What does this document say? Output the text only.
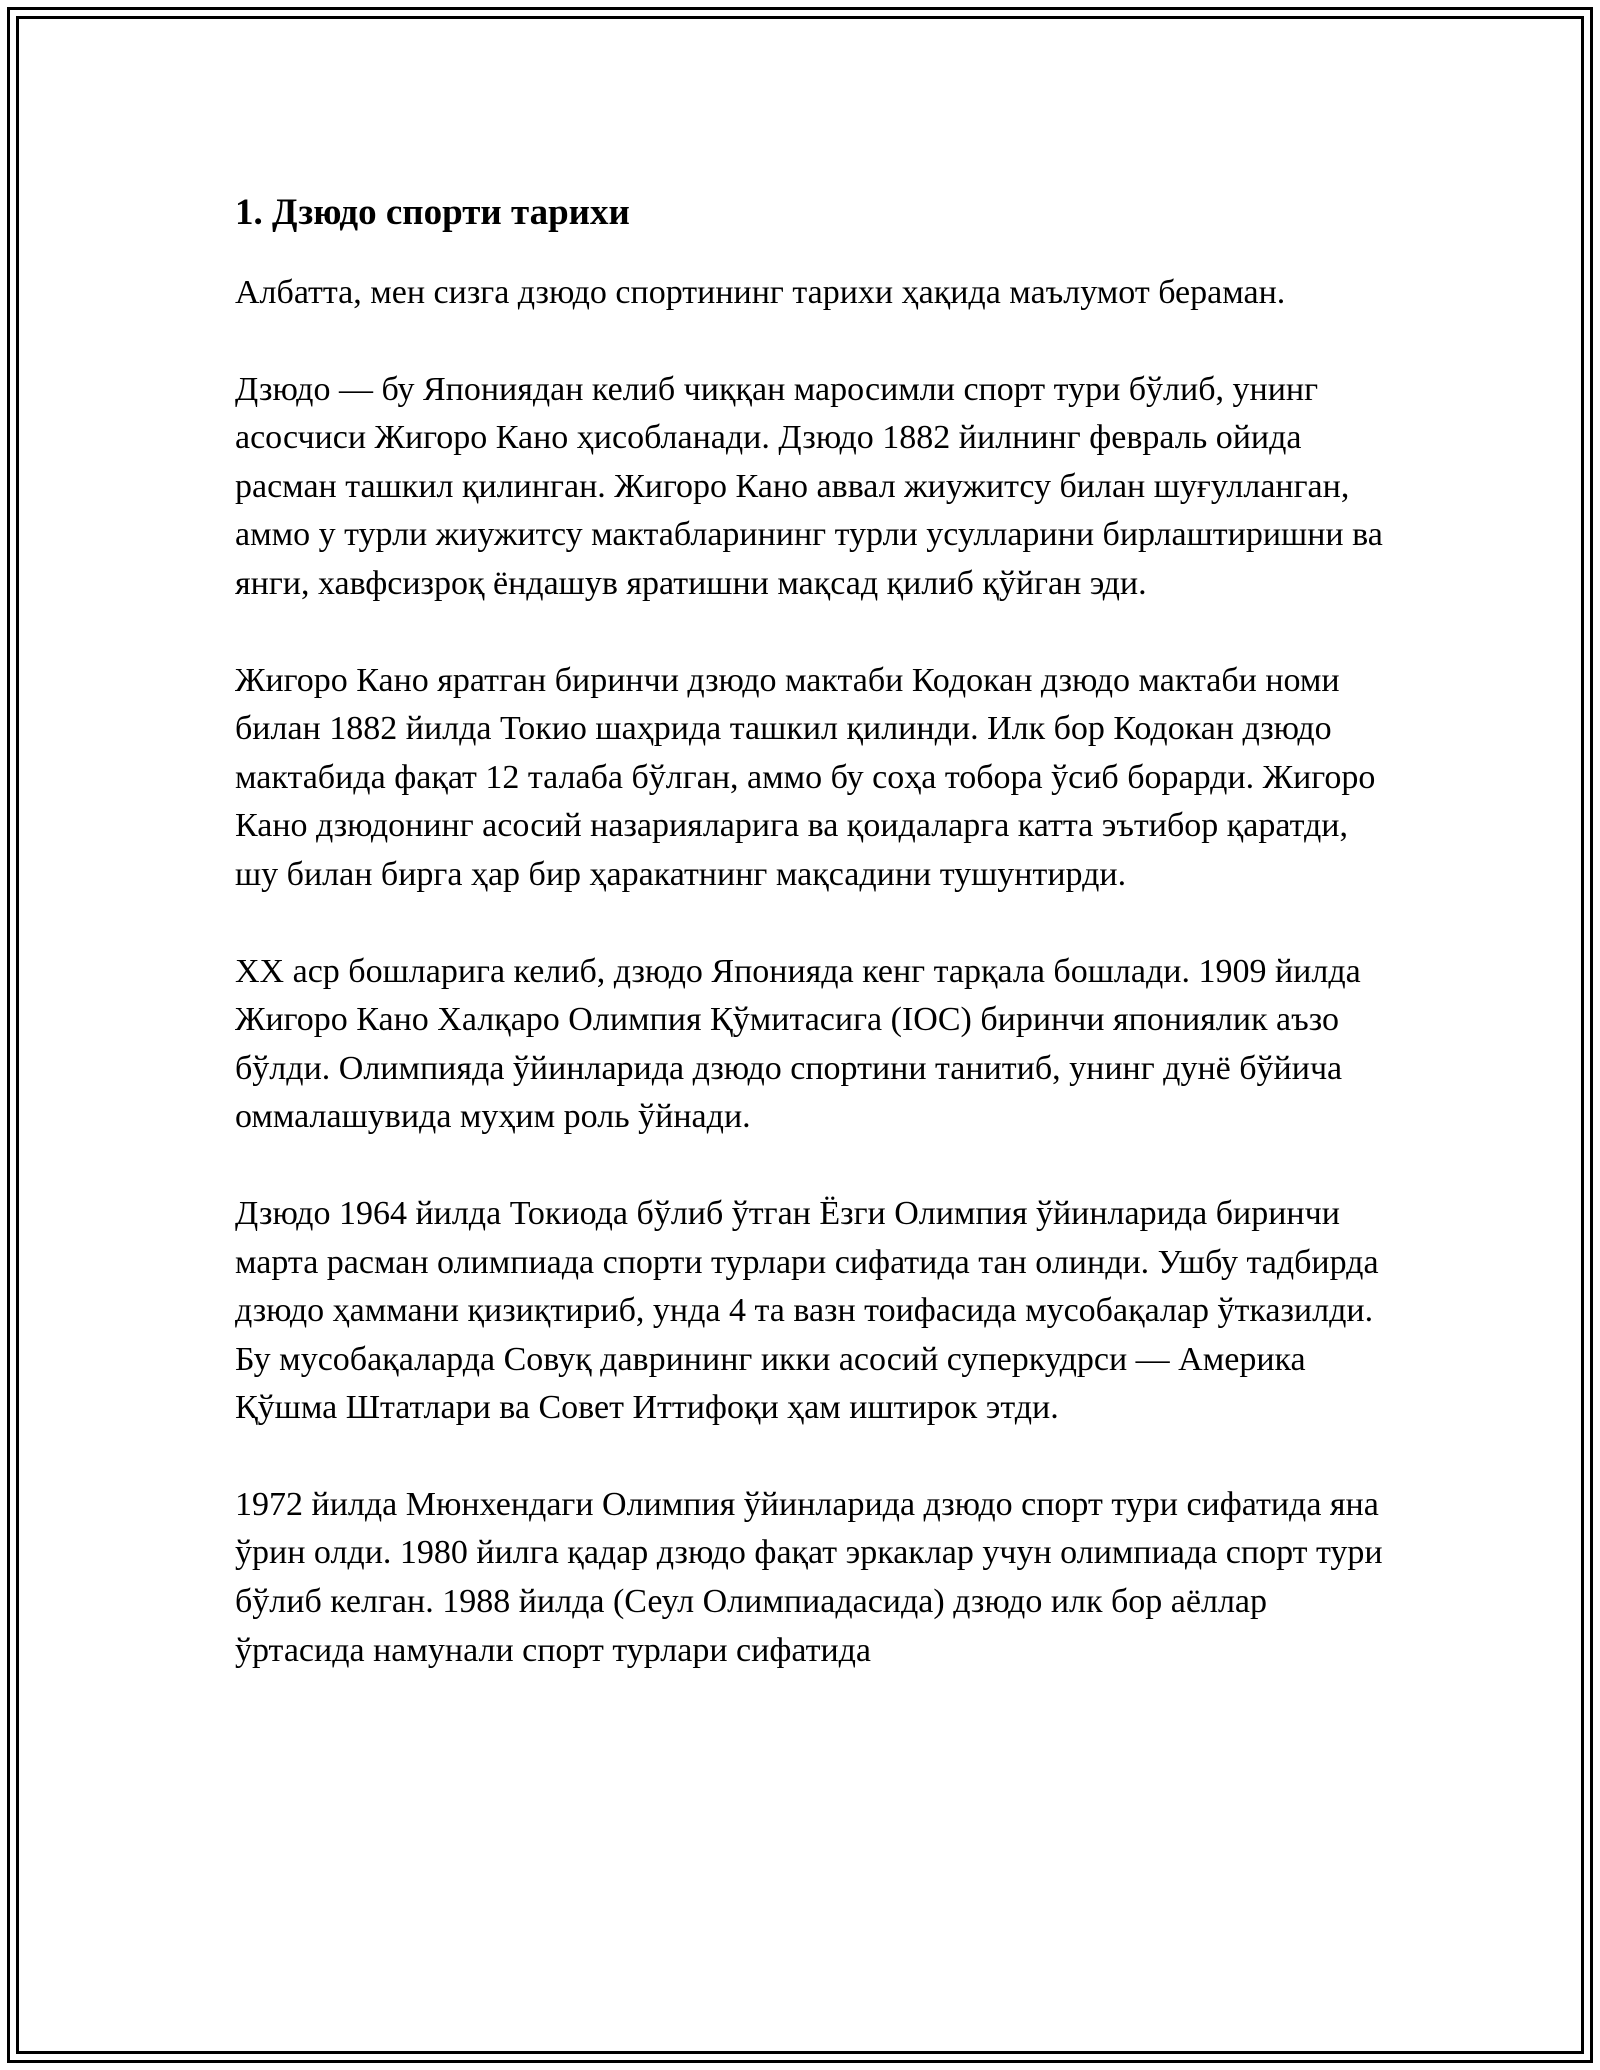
1. Дзюдо спорти тарихи

Албатта, мен сизга дзюдо спортининг тарихи ҳақида маълумот бераман.

Дзюдо — бу Япониядан келиб чиққан маросимли спорт тури бўлиб, унинг асосчиси Жигоро Кано ҳисобланади. Дзюдо 1882 йилнинг февраль ойида расман ташкил қилинган. Жигоро Кано аввал жиужитсу билан шуғулланган, аммо у турли жиужитсу мактабларининг турли усулларини бирлаштиришни ва янги, хавфсизроқ ёндашув яратишни мақсад қилиб қўйган эди.

Жигоро Кано яратган биринчи дзюдо мактаби Кодокан дзюдо мактаби номи билан 1882 йилда Токио шаҳрида ташкил қилинди. Илк бор Кодокан дзюдо мактабида фақат 12 талаба бўлган, аммо бу соҳа тобора ўсиб борарди. Жигоро Кано дзюдонинг асосий назарияларига ва қоидаларга катта эътибор қаратди, шу билан бирга ҳар бир ҳаракатнинг мақсадини тушунтирди.

XX аср бошларига келиб, дзюдо Японияда кенг тарқала бошлади. 1909 йилда Жигоро Кано Халқаро Олимпия Қўмитасига (IOC) биринчи япониялик аъзо бўлди. Олимпияда ўйинларида дзюдо спортини танитиб, унинг дунё бўйича оммалашувида муҳим роль ўйнади.

Дзюдо 1964 йилда Токиода бўлиб ўтган Ёзги Олимпия ўйинларида биринчи марта расман олимпиада спорти турлари сифатида тан олинди. Ушбу тадбирда дзюдо ҳаммани қизиқтириб, унда 4 та вазн тоифасида мусобақалар ўтказилди. Бу мусобақаларда Совуқ даврининг икки асосий суперкудрси — Америка Қўшма Штатлари ва Совет Иттифоқи ҳам иштирок этди.

1972 йилда Мюнхендаги Олимпия ўйинларида дзюдо спорт тури сифатида яна ўрин олди. 1980 йилга қадар дзюдо фақат эркаклар учун олимпиада спорт тури бўлиб келган. 1988 йилда (Сеул Олимпиадасида) дзюдо илк бор аёллар ўртасида намунали спорт турлари сифатида
